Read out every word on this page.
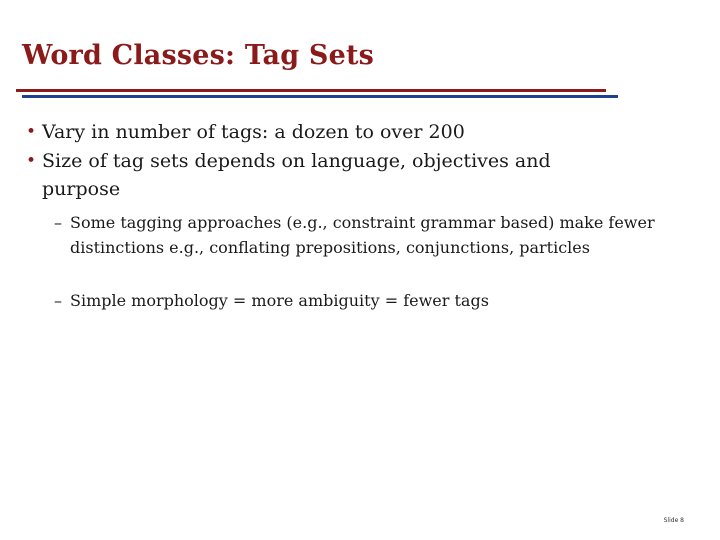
Word Classes: Tag Sets
• Vary in number of tags: a dozen to over 200
• Size of tag sets depends on language, objectives and purpose
– Some tagging approaches (e.g., constraint grammar based) make fewer distinctions e.g., conflating prepositions, conjunctions, particles
– Simple morphology = more ambiguity = fewer tags
Slide 8
